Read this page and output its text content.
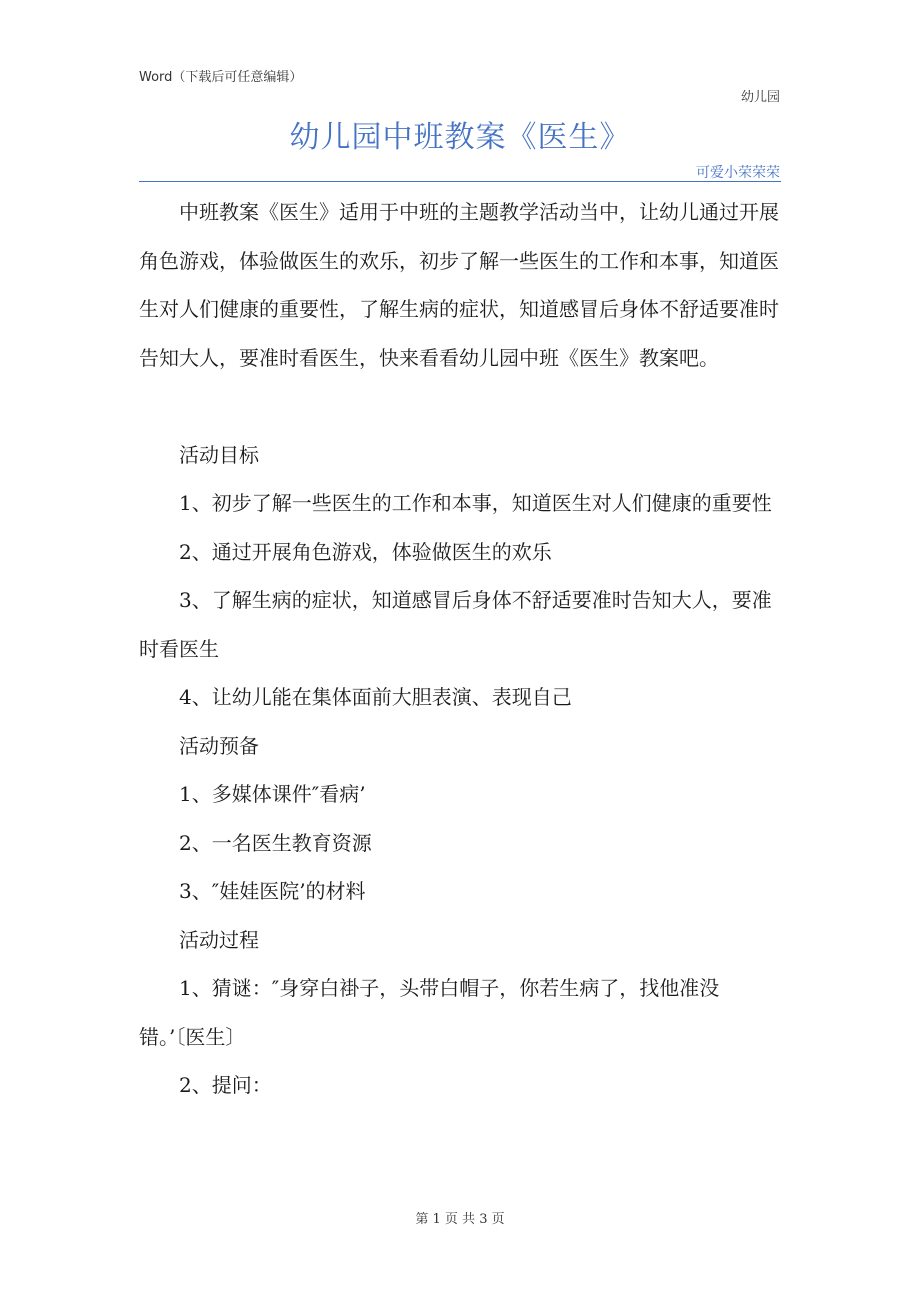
Word（下载后可任意编辑）
幼儿园
幼儿园中班教案《医生》
可爱小荣荣荣

中班教案《医生》适用于中班的主题教学活动当中，让幼儿通过开展角色游戏，体验做医生的欢乐，初步了解一些医生的工作和本事，知道医生对人们健康的重要性，了解生病的症状，知道感冒后身体不舒适要准时告知大人，要准时看医生，快来看看幼儿园中班《医生》教案吧。

活动目标

1、初步了解一些医生的工作和本事，知道医生对人们健康的重要性

2、通过开展角色游戏，体验做医生的欢乐

3、了解生病的症状，知道感冒后身体不舒适要准时告知大人，要准时看医生

4、让幼儿能在集体面前大胆表演、表现自己

活动预备

1、多媒体课件″看病’

2、一名医生教育资源

3、″娃娃医院’的材料

活动过程

1、猜谜：″身穿白褂子，头带白帽子，你若生病了，找他准没错。’〔医生〕

2、提问：

第 1 页 共 3 页
